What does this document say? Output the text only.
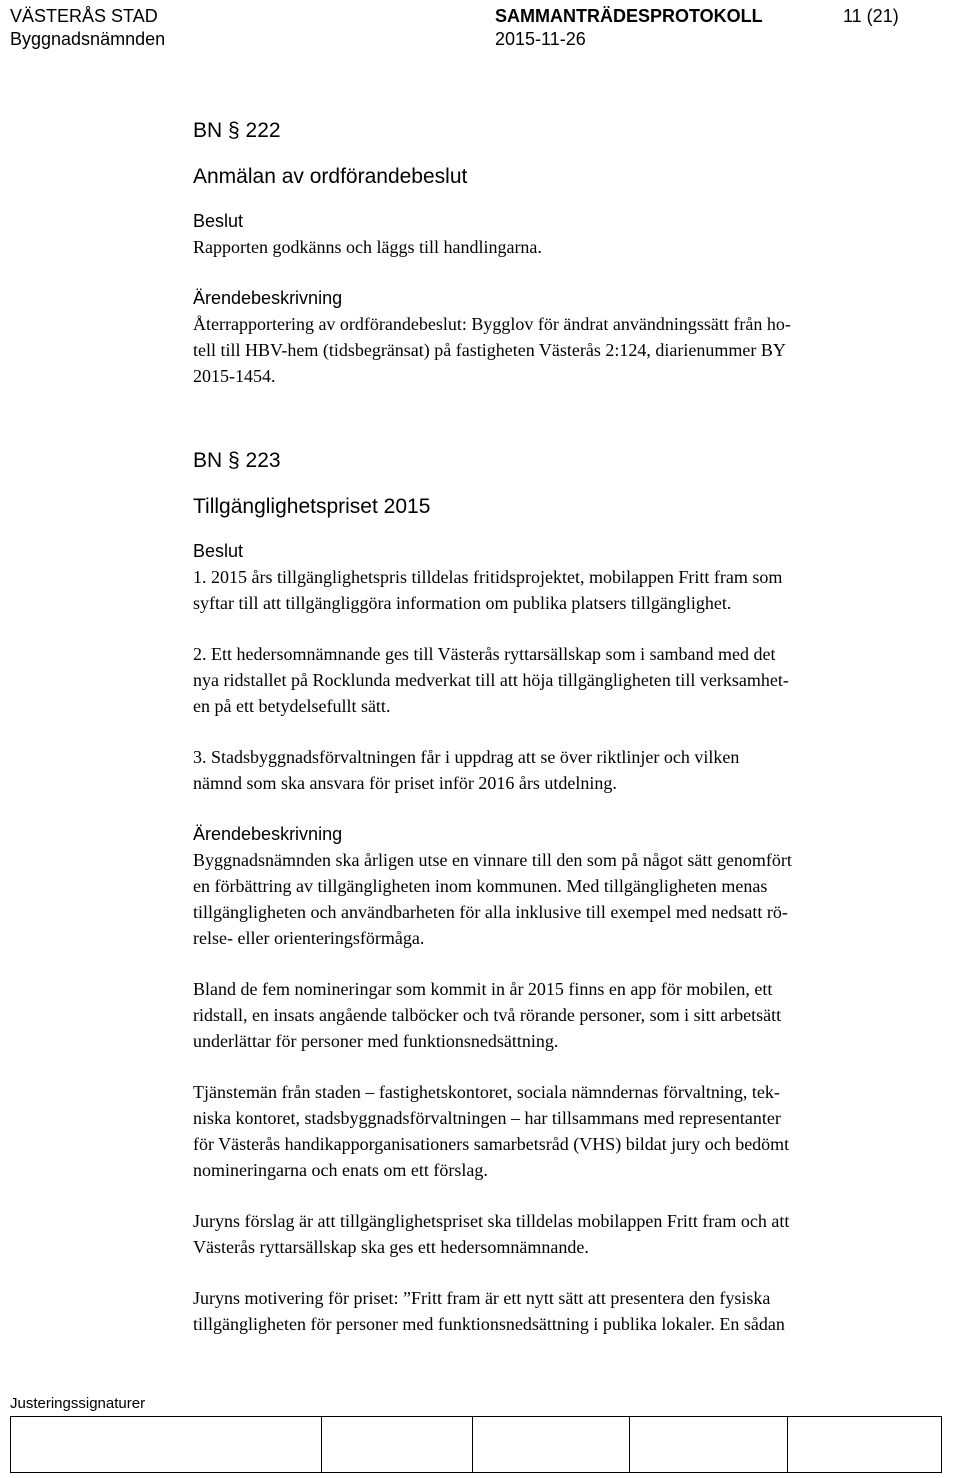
VÄSTERÅS STAD
Byggnadsnämnden
SAMMANTRÄDESPROTOKOLL
2015-11-26
11 (21)
BN § 222
Anmälan av ordförandebeslut
Beslut
Rapporten godkänns och läggs till handlingarna.
Ärendebeskrivning
Återrapportering av ordförandebeslut: Bygglov för ändrat användningssätt från ho-
tell till HBV-hem (tidsbegränsat) på fastigheten Västerås 2:124, diarienummer BY
2015-1454.
BN § 223
Tillgänglighetspriset 2015
Beslut
1. 2015 års tillgänglighetspris tilldelas fritidsprojektet, mobilappen Fritt fram som
syftar till att tillgängliggöra information om publika platsers tillgänglighet.
2. Ett hedersomnämnande ges till Västerås ryttarsällskap som i samband med det
nya ridstallet på Rocklunda medverkat till att höja tillgängligheten till verksamhet-
en på ett betydelsefullt sätt.
3. Stadsbyggnadsförvaltningen får i uppdrag att se över riktlinjer och vilken
nämnd som ska ansvara för priset inför 2016 års utdelning.
Ärendebeskrivning
Byggnadsnämnden ska årligen utse en vinnare till den som på något sätt genomfört
en förbättring av tillgängligheten inom kommunen. Med tillgängligheten menas
tillgängligheten och användbarheten för alla inklusive till exempel med nedsatt rö-
relse- eller orienteringsförmåga.
Bland de fem nomineringar som kommit in år 2015 finns en app för mobilen, ett
ridstall, en insats angående talböcker och två rörande personer, som i sitt arbetsätt
underlättar för personer med funktionsnedsättning.
Tjänstemän från staden – fastighetskontoret, sociala nämndernas förvaltning, tek-
niska kontoret, stadsbyggnadsförvaltningen – har tillsammans med representanter
för Västerås handikapporganisationers samarbetsråd (VHS) bildat jury och bedömt
nomineringarna och enats om ett förslag.
Juryns förslag är att tillgänglighetspriset ska tilldelas mobilappen Fritt fram och att
Västerås ryttarsällskap ska ges ett hedersomnämnande.
Juryns motivering för priset: ”Fritt fram är ett nytt sätt att presentera den fysiska
tillgängligheten för personer med funktionsnedsättning i publika lokaler. En sådan
Justeringssignaturer
